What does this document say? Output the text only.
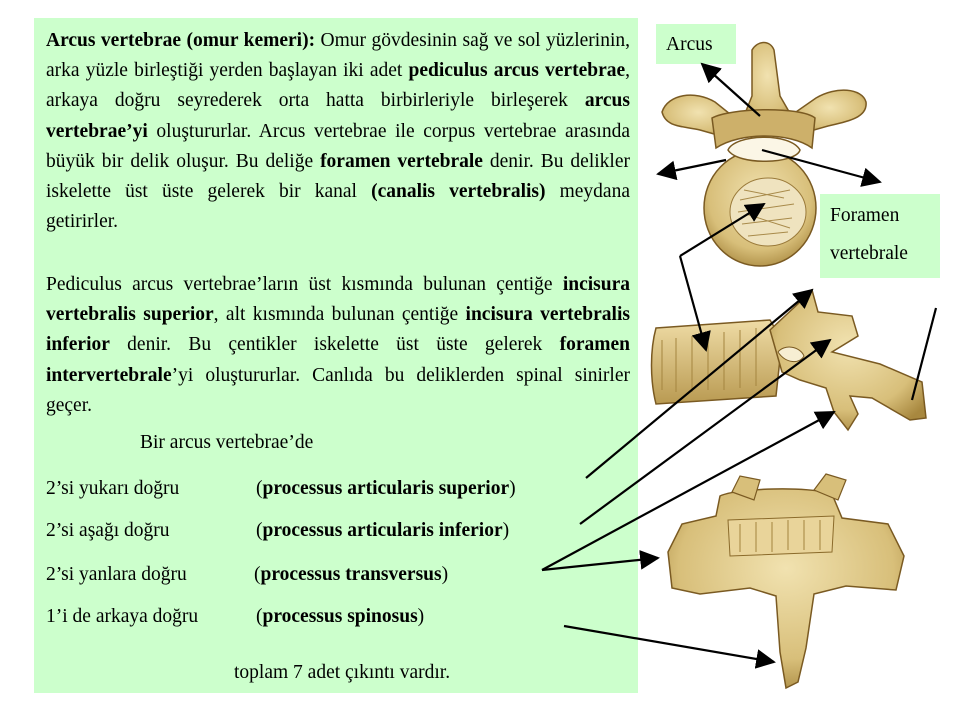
Arcus vertebrae (omur kemeri): Omur gövdesinin sağ ve sol yüzlerinin, arka yüzle birleştiği yerden başlayan iki adet pediculus arcus vertebrae, arkaya doğru seyrederek orta hatta birbirleriyle birleşerek arcus vertebrae’yi oluştururlar. Arcus vertebrae ile corpus vertebrae arasında büyük bir delik oluşur. Bu deliğe foramen vertebrale denir. Bu delikler iskelette üst üste gelerek bir kanal (canalis vertebralis) meydana getirirler.

Pediculus arcus vertebrae’ların üst kısmında bulunan çentiğe incisura vertebralis superior, alt kısmında bulunan çentiğe incisura vertebralis inferior denir. Bu çentikler iskelette üst üste gelerek foramen intervertebrale’yi oluştururlar. Canlıda bu deliklerden spinal sinirler geçer.

Bir arcus vertebrae’de
2’si yukarı doğru	(processus articularis superior)
2’si aşağı doğru	(processus articularis inferior)
2’si yanlara doğru	(processus transversus)
1’i de arkaya doğru	(processus spinosus)
toplam 7 adet çıkıntı vardır.
Arcus
Foramen
vertebrale
